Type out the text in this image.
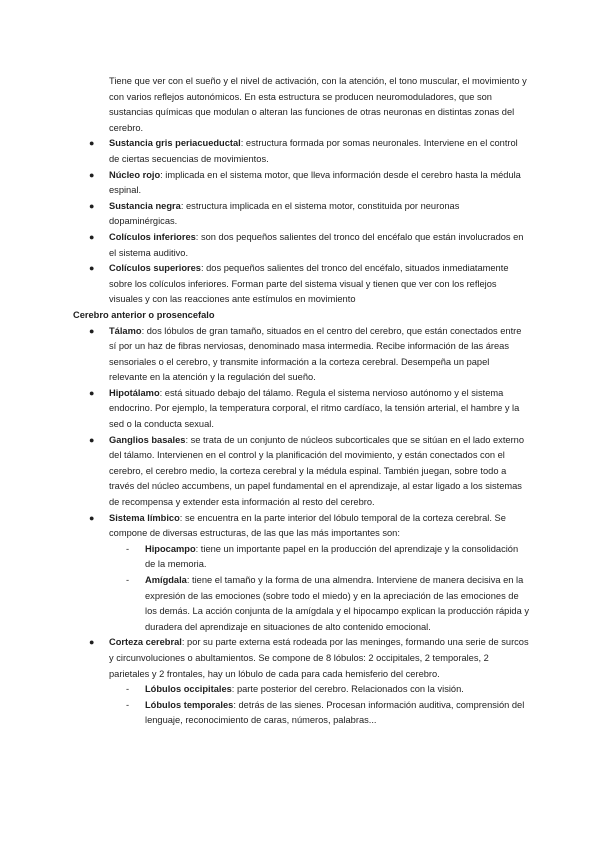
Tiene que ver con el sueño y el nivel de activación, con la atención, el tono muscular, el movimiento y con varios reflejos autonómicos. En esta estructura se producen neuromoduladores, que son sustancias químicas que modulan o alteran las funciones de otras neuronas en distintas zonas del cerebro.

● Sustancia gris periacueductal: estructura formada por somas neuronales. Interviene en el control de ciertas secuencias de movimientos.
● Núcleo rojo: implicada en el sistema motor, que lleva información desde el cerebro hasta la médula espinal.
● Sustancia negra: estructura implicada en el sistema motor, constituida por neuronas dopaminérgicas.
● Colículos inferiores: son dos pequeños salientes del tronco del encéfalo que están involucrados en el sistema auditivo.
● Colículos superiores: dos pequeños salientes del tronco del encéfalo, situados inmediatamente sobre los colículos inferiores. Forman parte del sistema visual y tienen que ver con los reflejos visuales y con las reacciones ante estímulos en movimiento
Cerebro anterior o prosencefalo
● Tálamo: dos lóbulos de gran tamaño, situados en el centro del cerebro, que están conectados entre sí por un haz de fibras nerviosas, denominado masa intermedia. Recibe información de las áreas sensoriales o el cerebro, y transmite información a la corteza cerebral. Desempeña un papel relevante en la atención y la regulación del sueño.
● Hipotálamo: está situado debajo del tálamo. Regula el sistema nervioso autónomo y el sistema endocrino. Por ejemplo, la temperatura corporal, el ritmo cardíaco, la tensión arterial, el hambre y la sed o la conducta sexual.
● Ganglios basales: se trata de un conjunto de núcleos subcorticales que se sitúan en el lado externo del tálamo. Intervienen en el control y la planificación del movimiento, y están conectados con el cerebro, el cerebro medio, la corteza cerebral y la médula espinal. También juegan, sobre todo a través del núcleo accumbens, un papel fundamental en el aprendizaje, al estar ligado a los sistemas de recompensa y extender esta información al resto del cerebro.
● Sistema límbico: se encuentra en la parte interior del lóbulo temporal de la corteza cerebral. Se compone de diversas estructuras, de las que las más importantes son:
- Hipocampo: tiene un importante papel en la producción del aprendizaje y la consolidación de la memoria.
- Amígdala: tiene el tamaño y la forma de una almendra. Interviene de manera decisiva en la expresión de las emociones (sobre todo el miedo) y en la apreciación de las emociones de los demás. La acción conjunta de la amígdala y el hipocampo explican la producción rápida y duradera del aprendizaje en situaciones de alto contenido emocional.
● Corteza cerebral: por su parte externa está rodeada por las meninges, formando una serie de surcos y circunvoluciones o abultamientos. Se compone de 8 lóbulos: 2 occipitales, 2 temporales, 2 parietales y 2 frontales, hay un lóbulo de cada para cada hemisferio del cerebro.
- Lóbulos occipitales: parte posterior del cerebro. Relacionados con la visión.
- Lóbulos temporales: detrás de las sienes. Procesan información auditiva, comprensión del lenguaje, reconocimiento de caras, números, palabras...
